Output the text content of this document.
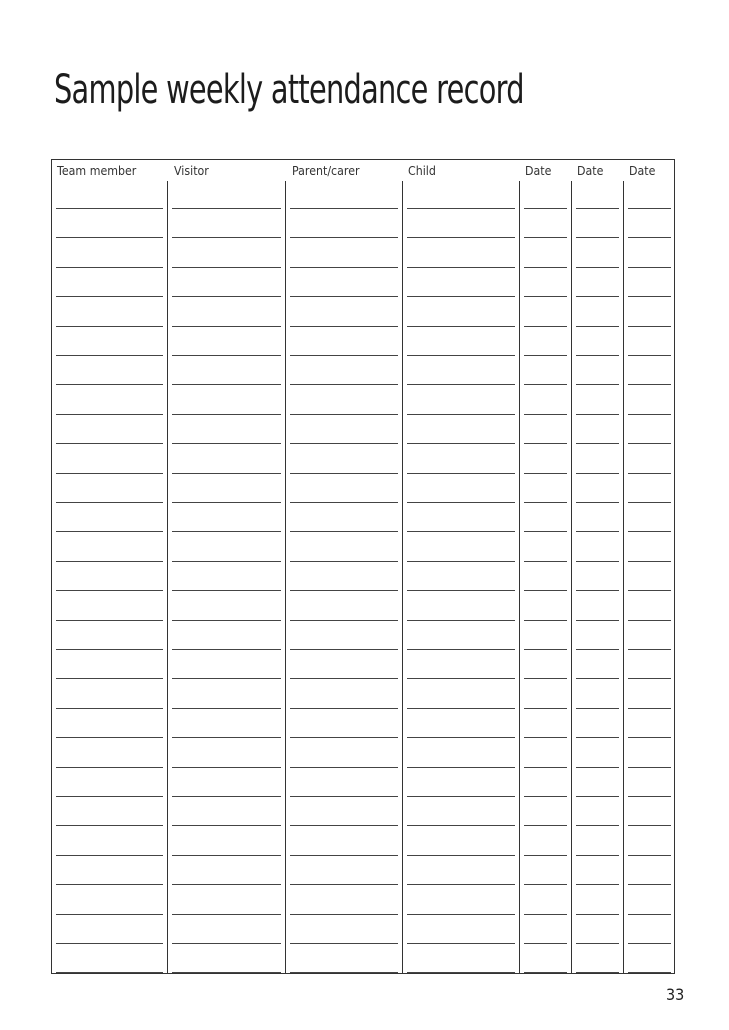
Sample weekly attendance record
Team member	Visitor	Parent/carer	Child	Date Date Date
33
